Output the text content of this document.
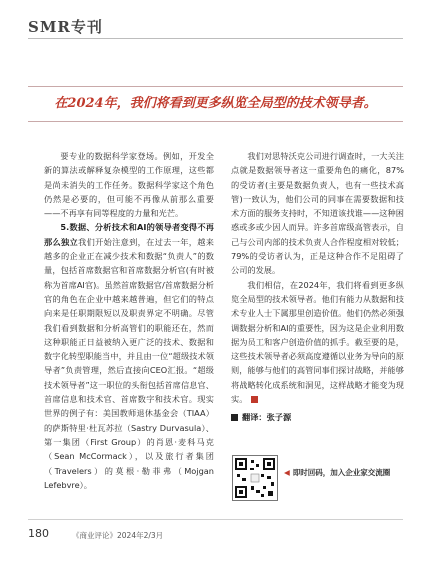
SMR专刊
在2024年，我们将看到更多纵览全局型的技术领导者。

要专业的数据科学家登场。例如，开发全新的算法或解释复杂模型的工作原理，这些都是尚未消失的工作任务。数据科学家这个角色仍然是必要的，但可能不再像从前那么重要——不再享有同等程度的力量和光芒。

5.数据、分析技术和AI的领导者变得不再那么独立我们开始注意到，在过去一年，越来越多的企业正在减少技术和数据“负责人”的数量，包括首席数据官和首席数据分析官(有时被称为首席AI官)。虽然首席数据官/首席数据分析官的角色在企业中越来越普遍，但它们的特点向来是任职期限短以及职责界定不明确。尽管我们看到数据和分析高管们的职能还在，然而这种职能正日益被纳入更广泛的技术、数据和数字化转型职能当中，并且由一位“超级技术领导者”负责管理，然后直接向CEO汇报。“超级技术领导者”这一职位的头衔包括首席信息官、首席信息和技术官、首席数字和技术官。现实世界的例子有：美国教师退休基金会（TIAA）的萨斯特里·杜瓦苏拉（Sastry Durvasula）、第一集团（First Group）的肖恩·麦科马克（Sean McCormack），以及旅行者集团（Travelers）的莫根·勒菲弗（Mojgan Lefebvre）。

我们对思特沃克公司进行调查时，一大关注点就是数据领导者这一重要角色的痛化，87%的受访者(主要是数据负责人，也有一些技术高管)一致认为，他们公司的同事在需要数据和技术方面的服务支持时，不知道该找谁——这种困惑或多或少因人而异。许多首席级高管表示，自己与公司内部的技术负责人合作程度相对较低；79%的受访者认为，正是这种合作不足阻碍了公司的发展。

我们相信，在2024年，我们将看到更多纵览全局型的技术领导者。他们有能力从数据和技术专业人士下属那里创造价值。他们仍然必须强调数据分析和AI的重要性，因为这是企业利用数据为员工和客户创造价值的抓手。截至要的是，这些技术领导者必须高度遵循以业务为导向的原则，能够与他们的高管同事们探讨战略，并能够将战略转化成系统和洞见，这样战略才能变为现实。

翻译：张子源
◀ 即时回码，加入企业家交流圈
180	《商业评论》2024年2/3月
